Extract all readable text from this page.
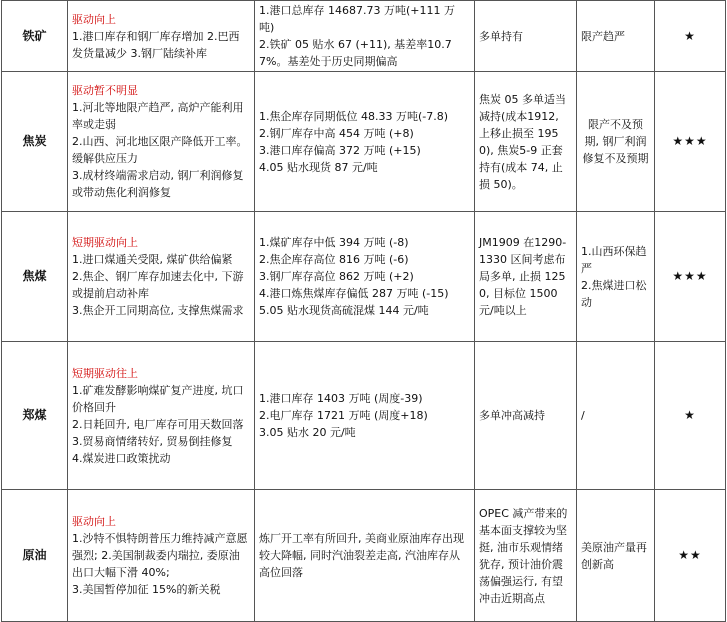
铁矿	驱动向上
1.港口库存和钢厂库存增加 2.巴西发货量减少 3.钢厂陆续补库	1.港口总库存 14687.73 万吨(+111 万吨)
2.铁矿 05 贴水 67 (+11), 基差率10.77%。基差处于历史同期偏高	多单持有	限产趋严	★
焦炭	驱动暂不明显
1.河北等地限产趋严, 高炉产能利用率或走弱
2.山西、河北地区限产降低开工率。缓解供应压力
3.成材终端需求启动, 钢厂利润修复或带动焦化利润修复	1.焦企库存同期低位 48.33 万吨(-7.8)
2.钢厂库存中高 454 万吨 (+8)
3.港口库存偏高 372 万吨 (+15)
4.05 贴水现货 87 元/吨	焦炭 05 多单适当减持(成本1912, 上移止损至 1950), 焦炭5-9 正套持有(成本 74, 止损 50)。	限产不及预期, 钢厂利润修复不及预期	★★★
焦煤	短期驱动向上
1.进口煤通关受限, 煤矿供给偏紧
2.焦企、钢厂库存加速去化中, 下游或提前启动补库
3.焦企开工同期高位, 支撑焦煤需求	1.煤矿库存中低 394 万吨 (-8)
2.焦企库存高位 816 万吨 (-6)
3.钢厂库存高位 862 万吨 (+2)
4.港口炼焦煤库存偏低 287 万吨 (-15)
5.05 贴水现货高硫混煤 144 元/吨	JM1909 在1290-1330 区间考虑布局多单, 止损 1250, 目标位 1500 元/吨以上	1.山西环保趋严
2.焦煤进口松动	★★★
郑煤	短期驱动往上
1.矿难发酵影响煤矿复产进度, 坑口价格回升
2.日耗回升, 电厂库存可用天数回落
3.贸易商情绪转好, 贸易倒挂修复
4.煤炭进口政策扰动	1.港口库存 1403 万吨 (周度-39)
2.电厂库存 1721 万吨 (周度+18)
3.05 贴水 20 元/吨	多单冲高减持	/	★
原油	驱动向上
1.沙特不惧特朗普压力维持减产意愿强烈; 2.美国制裁委内瑞拉, 委原油出口大幅下滑 40%;
3.美国暂停加征 15%的新关税	炼厂开工率有所回升, 美商业原油库存出现较大降幅, 同时汽油裂差走高, 汽油库存从高位回落	OPEC 减产带来的基本面支撑较为坚挺, 油市乐观情绪犹存, 预计油价震荡偏强运行, 有望冲击近期高点	美原油产量再创新高	★★
